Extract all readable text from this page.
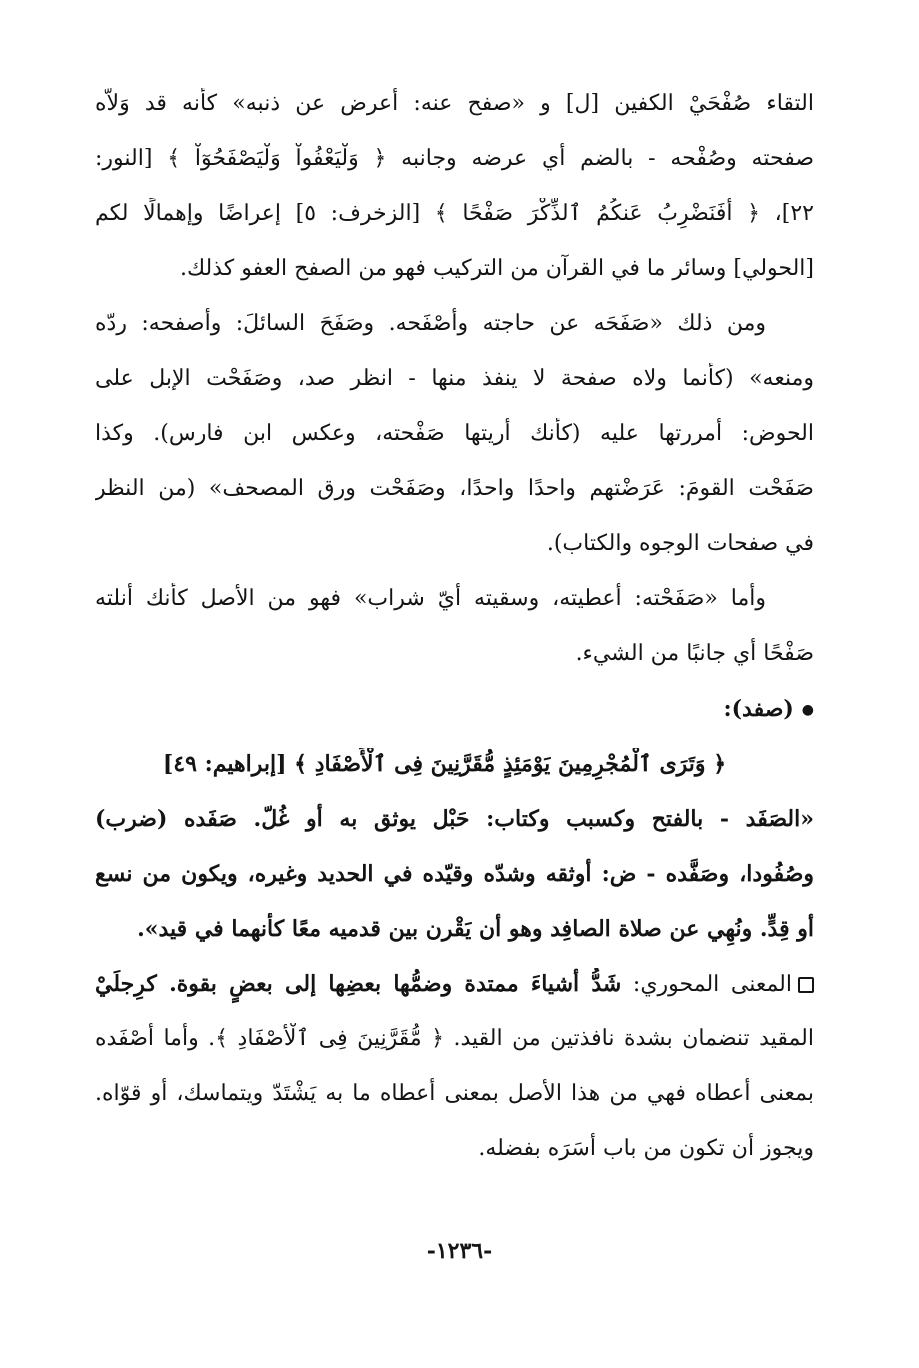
التقاء صُفْحَيْ الكفين [ل] و «صفح عنه: أعرض عن ذنبه» كأنه قد وَلاّه
صفحته وصُفْحه - بالضم أي عرضه وجانبه ﴿ وَلْيَعْفُواْ وَلْيَصْفَحُوٓاْ ﴾ [النور:
٢٢]، ﴿ أَفَنَضْرِبُ عَنكُمُ ٱلذِّكْرَ صَفْحًا ﴾ [الزخرف: ٥] إعراضًا وإهمالًا لكم
[الحولي] وسائر ما في القرآن من التركيب فهو من الصفح العفو كذلك.
ومن ذلك «صَفَحَه عن حاجته وأَصْفَحه. وصَفَحَ السائلَ: وأصفحه: ردّه
ومنعه» (كأنما ولاه صفحة لا ينفذ منها - انظر صد، وصَفَحْت الإبل على
الحوض: أمررتها عليه (كأنك أريتها صَفْحته، وعكس ابن فارس). وكذا
صَفَحْت القومَ: عَرَضْتهم واحدًا واحدًا، وصَفَحْت ورق المصحف» (من النظر
في صفحات الوجوه والكتاب).
وأما «صَفَحْته: أعطيته، وسقيته أيّ شراب» فهو من الأصل كأنك أنلته
صَفْحًا أي جانبًا من الشيء.
●(صفد):
﴿ وَتَرَى ٱلْمُجْرِمِينَ يَوْمَئِذٍ مُّقَرَّنِينَ فِى ٱلْأَصْفَادِ ﴾ [إبراهيم: ٤٩]
«الصَفَد - بالفتح وكسبب وكتاب: حَبْل يوثق به أو غُلّ. صَفَده (ضرب)
وصُفُودا، وصَفَّده - ض: أوثقه وشدّه وقيّده في الحديد وغيره، ويكون من نسع
أو قِدٍّ. ونُهِي عن صلاة الصافِد وهو أن يَقْرن بين قدميه معًا كأنهما في قيد».
المعنى المحوري: شَدُّ أشياءَ ممتدة وضمُّها بعضِها إلى بعضٍ بقوة. كرِجلَيْ
المقيد تنضمان بشدة نافذتين من القيد. ﴿ مُّقَرَّنِينَ فِى ٱلْأَصْفَادِ ﴾. وأما أَصْفَده
بمعنى أعطاه فهي من هذا الأصل بمعنى أعطاه ما به يَشْتَدّ ويتماسك، أو قوّاه.
ويجوز أن تكون من باب أَسَرَه بفضله.
-١٢٣٦-
